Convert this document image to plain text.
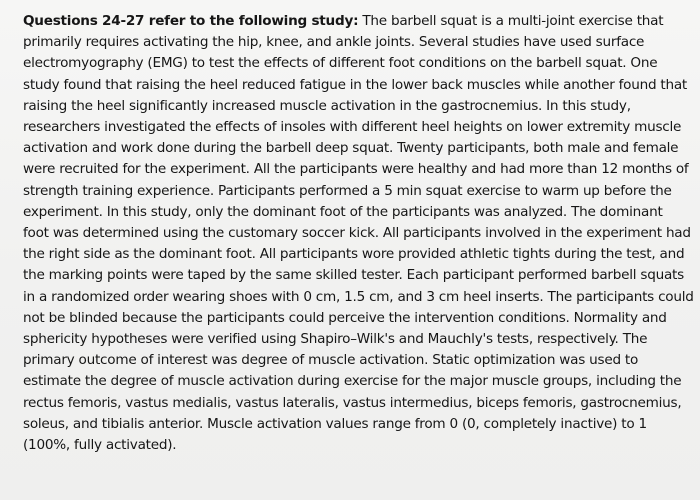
Questions 24-27 refer to the following study: The barbell squat is a multi-joint exercise that
primarily requires activating the hip, knee, and ankle joints. Several studies have used surface
electromyography (EMG) to test the effects of different foot conditions on the barbell squat. One
study found that raising the heel reduced fatigue in the lower back muscles while another found that
raising the heel significantly increased muscle activation in the gastrocnemius. In this study,
researchers investigated the effects of insoles with different heel heights on lower extremity muscle
activation and work done during the barbell deep squat. Twenty participants, both male and female
were recruited for the experiment. All the participants were healthy and had more than 12 months of
strength training experience. Participants performed a 5 min squat exercise to warm up before the
experiment. In this study, only the dominant foot of the participants was analyzed. The dominant
foot was determined using the customary soccer kick. All participants involved in the experiment had
the right side as the dominant foot. All participants wore provided athletic tights during the test, and
the marking points were taped by the same skilled tester. Each participant performed barbell squats
in a randomized order wearing shoes with 0 cm, 1.5 cm, and 3 cm heel inserts. The participants could
not be blinded because the participants could perceive the intervention conditions. Normality and
sphericity hypotheses were verified using Shapiro–Wilk's and Mauchly's tests, respectively. The
primary outcome of interest was degree of muscle activation. Static optimization was used to
estimate the degree of muscle activation during exercise for the major muscle groups, including the
rectus femoris, vastus medialis, vastus lateralis, vastus intermedius, biceps femoris, gastrocnemius,
soleus, and tibialis anterior. Muscle activation values range from 0 (0, completely inactive) to 1
(100%, fully activated).
